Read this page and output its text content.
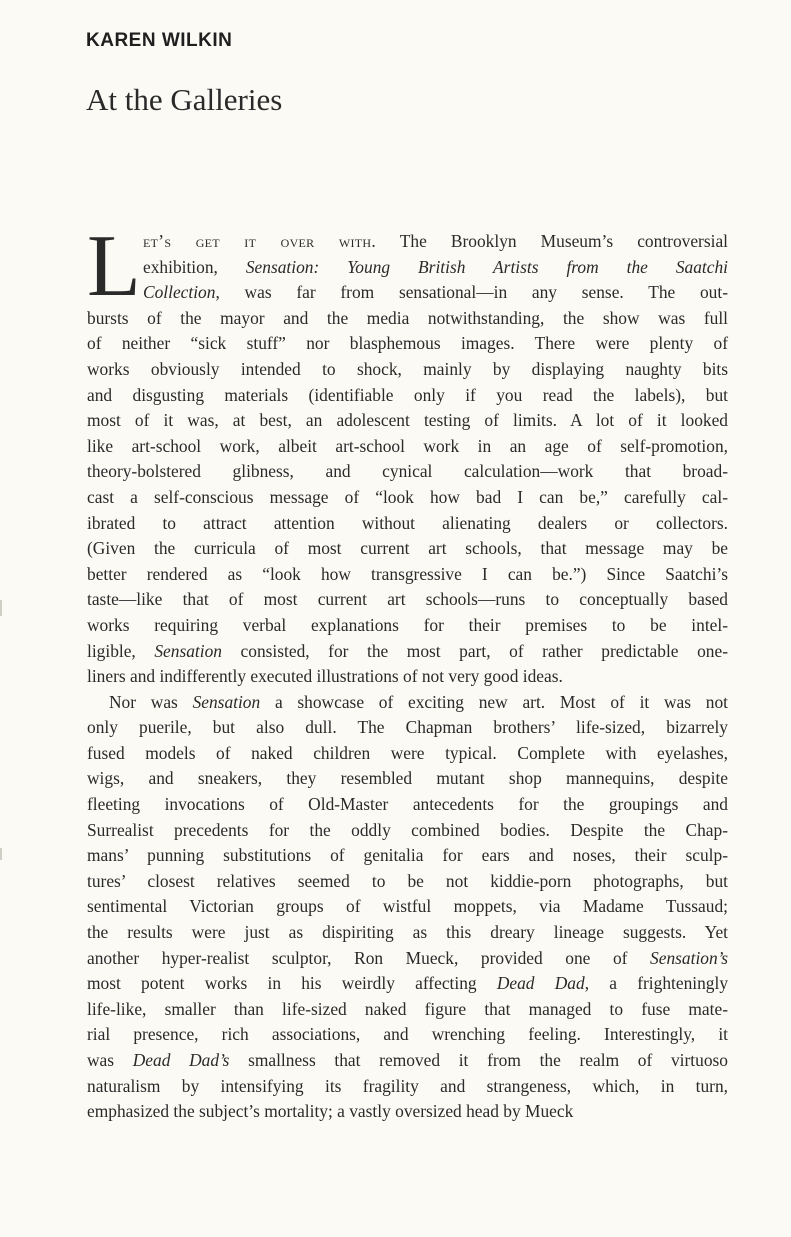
KAREN WILKIN
At the Galleries
L et’s get it over with. The Brooklyn Museum’s controversial
exhibition, Sensation: Young British Artists from the Saatchi
Collection, was far from sensational—in any sense. The out-
bursts of the mayor and the media notwithstanding, the show was full
of neither “sick stuff” nor blasphemous images. There were plenty of
works obviously intended to shock, mainly by displaying naughty bits
and disgusting materials (identifiable only if you read the labels), but
most of it was, at best, an adolescent testing of limits. A lot of it looked
like art-school work, albeit art-school work in an age of self-promotion,
theory-bolstered glibness, and cynical calculation—work that broad-
cast a self-conscious message of “look how bad I can be,” carefully cal-
ibrated to attract attention without alienating dealers or collectors.
(Given the curricula of most current art schools, that message may be
better rendered as “look how transgressive I can be.”) Since Saatchi’s
taste—like that of most current art schools—runs to conceptually based
works requiring verbal explanations for their premises to be intel-
ligible, Sensation consisted, for the most part, of rather predictable one-
liners and indifferently executed illustrations of not very good ideas.
Nor was Sensation a showcase of exciting new art. Most of it was not
only puerile, but also dull. The Chapman brothers’ life-sized, bizarrely
fused models of naked children were typical. Complete with eyelashes,
wigs, and sneakers, they resembled mutant shop mannequins, despite
fleeting invocations of Old-Master antecedents for the groupings and
Surrealist precedents for the oddly combined bodies. Despite the Chap-
mans’ punning substitutions of genitalia for ears and noses, their sculp-
tures’ closest relatives seemed to be not kiddie-porn photographs, but
sentimental Victorian groups of wistful moppets, via Madame Tussaud;
the results were just as dispiriting as this dreary lineage suggests. Yet
another hyper-realist sculptor, Ron Mueck, provided one of Sensation’s
most potent works in his weirdly affecting Dead Dad, a frighteningly
life-like, smaller than life-sized naked figure that managed to fuse mate-
rial presence, rich associations, and wrenching feeling. Interestingly, it
was Dead Dad’s smallness that removed it from the realm of virtuoso
naturalism by intensifying its fragility and strangeness, which, in turn,
emphasized the subject’s mortality; a vastly oversized head by Mueck
